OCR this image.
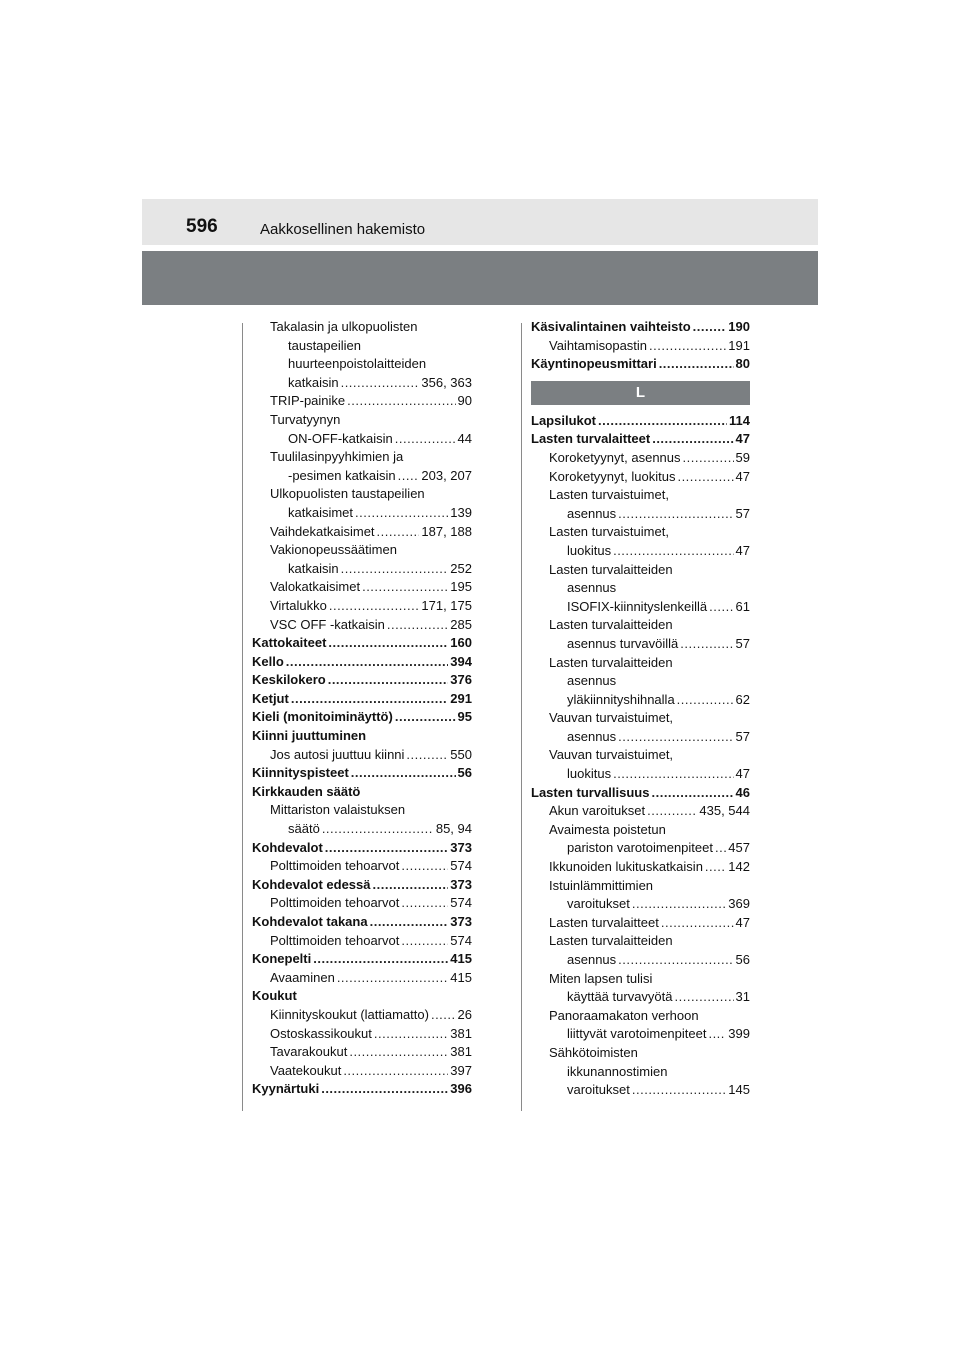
596	Aakkosellinen hakemisto
Takalasin ja ulkopuolisten
taustapeilien
huurteenpoistolaitteiden
katkaisin .....	356, 363
TRIP-painike .....	90
Turvatyynyn
ON-OFF-katkaisin .....	44
Tuulilasinpyyhkimien ja
-pesimen katkaisin ..... 203, 207
Ulkopuolisten taustapeilien
katkaisimet .....	139
Vaihdekatkaisimet .....	187, 188
Vakionopeussäätimen
katkaisin .....	252
Valokatkaisimet .....	195
Virtalukko .....	171, 175
VSC OFF -katkaisin .....	285
Kattokaiteet .....	160
Kello .....	394
Keskilokero .....	376
Ketjut .....	291
Kieli (monitoiminäyttö) .....	95
Kiinni juuttuminen
Jos autosi juuttuu kiinni .....	550
Kiinnityspisteet .....	56
Kirkkauden säätö
Mittariston valaistuksen
säätö .....	85, 94
Kohdevalot .....	373
Polttimoiden tehoarvot .....	574
Kohdevalot edessä .....	373
Polttimoiden tehoarvot .....	574
Kohdevalot takana .....	373
Polttimoiden tehoarvot .....	574
Konepelti .....	415
Avaaminen .....	415
Koukut
Kiinnityskoukut (lattiamatto) ..... 26
Ostoskassikoukut .....	381
Tavarakoukut .....	381
Vaatekoukut .....	397
Kyynärtuki .....	396
Käsivalintainen vaihteisto .....	190
Vaihtamisopastin .....	191
Käyntinopeusmittari .....	80
L
Lapsilukot .....	114
Lasten turvalaitteet .....	47
Koroketyynyt, asennus .....	59
Koroketyynyt, luokitus .....	47
Lasten turvaistuimet,
asennus .....	57
Lasten turvaistuimet,
luokitus .....	47
Lasten turvalaitteiden
asennus
ISOFIX-kiinnityslenkeillä ..... 61
Lasten turvalaitteiden
asennus turvavöillä .....	57
Lasten turvalaitteiden
asennus
yläkiinnityshihnalla .....	62
Vauvan turvaistuimet,
asennus .....	57
Vauvan turvaistuimet,
luokitus .....	47
Lasten turvallisuus .....	46
Akun varoitukset .....	435, 544
Avaimesta poistetun
pariston varotoimenpiteet ..... 457
Ikkunoiden lukituskatkaisin ..... 142
Istuinlämmittimien
varoitukset .....	369
Lasten turvalaitteet .....	47
Lasten turvalaitteiden
asennus .....	56
Miten lapsen tulisi
käyttää turvavyötä .....	31
Panoraamakaton verhoon
liittyvät varotoimenpiteet ..... 399
Sähkötoimisten
ikkunannostimien
varoitukset .....	145
